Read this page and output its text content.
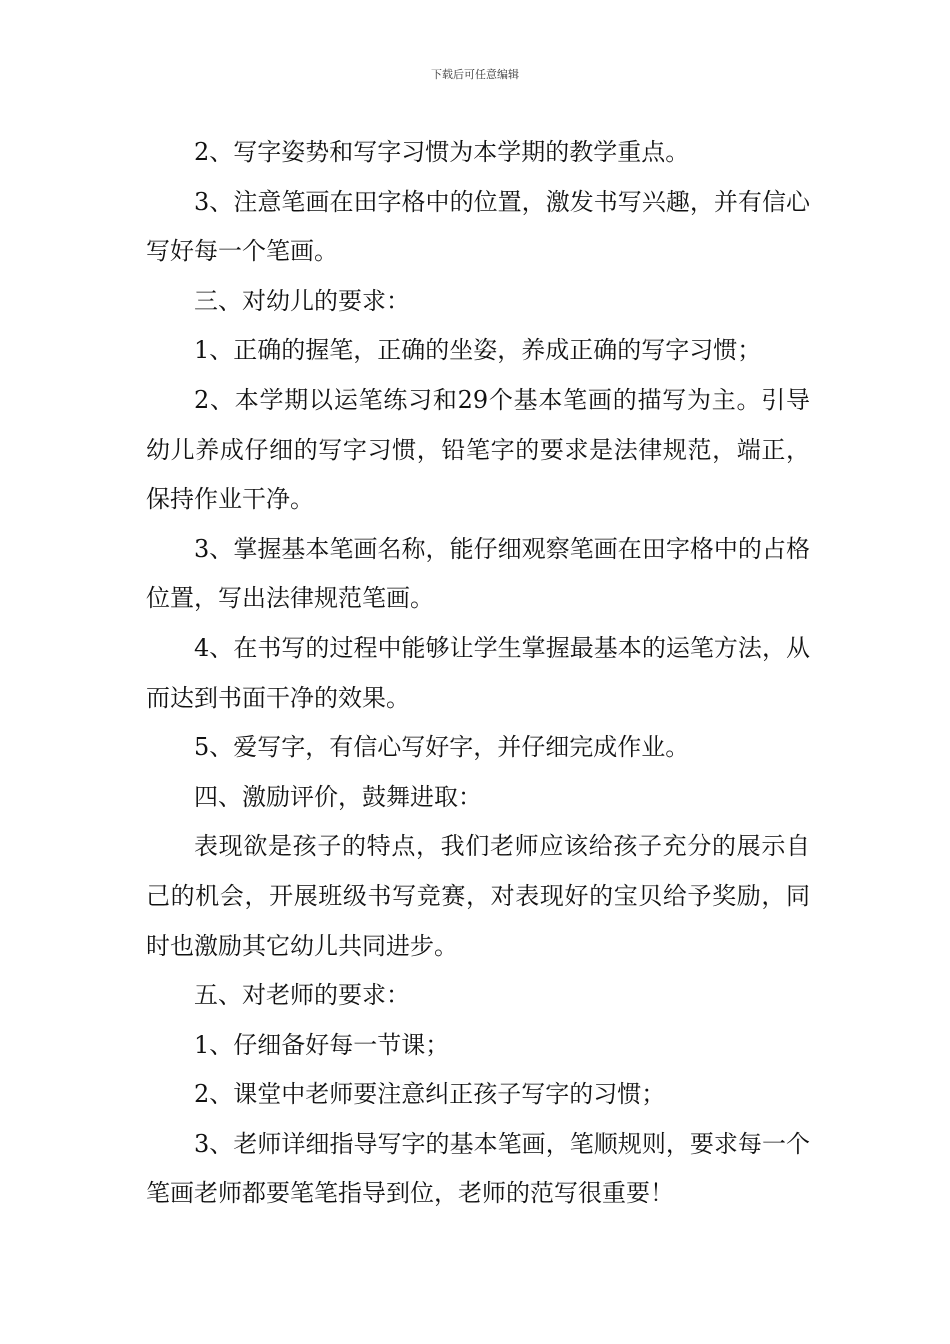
下载后可任意编辑

2、写字姿势和写字习惯为本学期的教学重点。

3、注意笔画在田字格中的位置，激发书写兴趣，并有信心写好每一个笔画。

三、对幼儿的要求：

1、正确的握笔，正确的坐姿，养成正确的写字习惯；

2、本学期以运笔练习和29个基本笔画的描写为主。引导幼儿养成仔细的写字习惯，铅笔字的要求是法律规范，端正，保持作业干净。

3、掌握基本笔画名称，能仔细观察笔画在田字格中的占格位置，写出法律规范笔画。

4、在书写的过程中能够让学生掌握最基本的运笔方法，从而达到书面干净的效果。

5、爱写字，有信心写好字，并仔细完成作业。

四、激励评价，鼓舞进取：

表现欲是孩子的特点，我们老师应该给孩子充分的展示自己的机会，开展班级书写竞赛，对表现好的宝贝给予奖励，同时也激励其它幼儿共同进步。

五、对老师的要求：

1、仔细备好每一节课；

2、课堂中老师要注意纠正孩子写字的习惯；

3、老师详细指导写字的基本笔画，笔顺规则，要求每一个笔画老师都要笔笔指导到位，老师的范写很重要！
